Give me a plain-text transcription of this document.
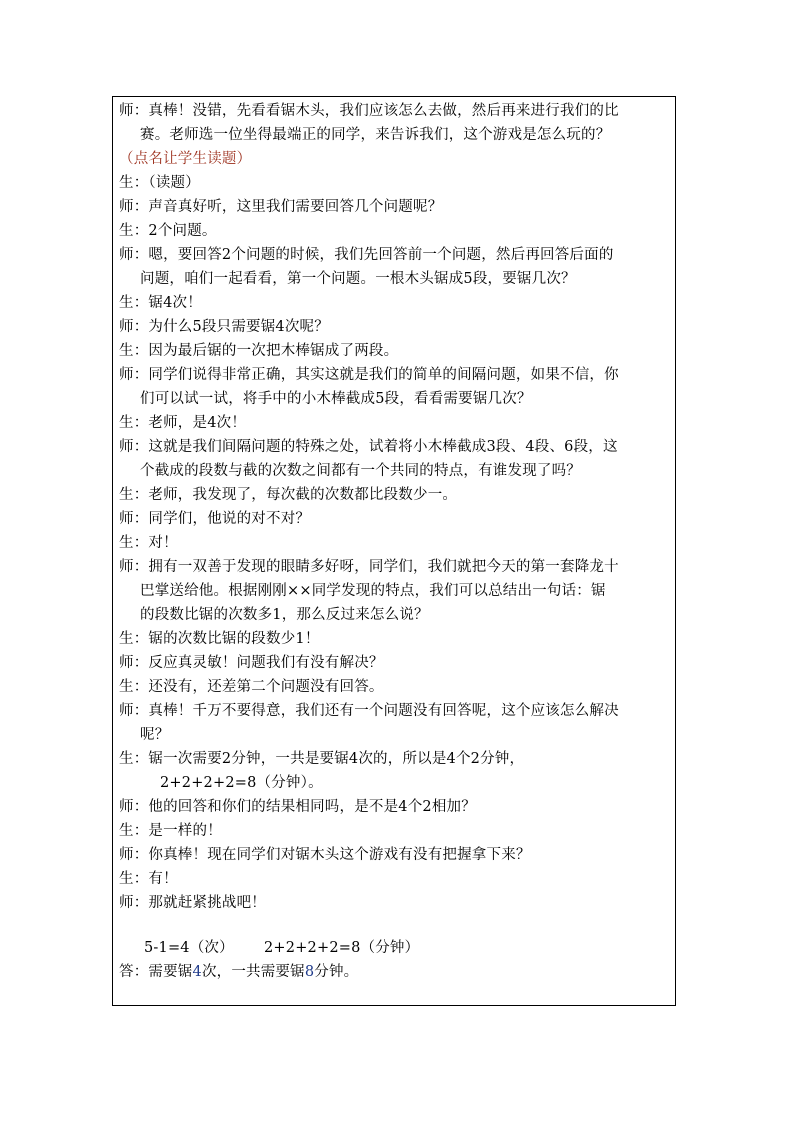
师：真棒！没错，先看看锯木头，我们应该怎么去做，然后再来进行我们的比
赛。老师选一位坐得最端正的同学，来告诉我们，这个游戏是怎么玩的？
（点名让学生读题）
生：（读题）
师：声音真好听，这里我们需要回答几个问题呢？
生：2个问题。
师：嗯，要回答2个问题的时候，我们先回答前一个问题，然后再回答后面的
问题，咱们一起看看，第一个问题。一根木头锯成5段，要锯几次？
生：锯4次！
师：为什么5段只需要锯4次呢？
生：因为最后锯的一次把木棒锯成了两段。
师：同学们说得非常正确，其实这就是我们的简单的间隔问题，如果不信，你
们可以试一试，将手中的小木棒截成5段，看看需要锯几次？
生：老师，是4次！
师：这就是我们间隔问题的特殊之处，试着将小木棒截成3段、4段、6段，这
个截成的段数与截的次数之间都有一个共同的特点，有谁发现了吗？
生：老师，我发现了，每次截的次数都比段数少一。
师：同学们，他说的对不对？
生：对！
师：拥有一双善于发现的眼睛多好呀，同学们，我们就把今天的第一套降龙十
巴掌送给他。根据刚刚××同学发现的特点，我们可以总结出一句话：锯
的段数比锯的次数多1，那么反过来怎么说？
生：锯的次数比锯的段数少1！
师：反应真灵敏！问题我们有没有解决？
生：还没有，还差第二个问题没有回答。
师：真棒！千万不要得意，我们还有一个问题没有回答呢，这个应该怎么解决
呢？
生：锯一次需要2分钟，一共是要锯4次的，所以是4个2分钟，
2+2+2+2=8（分钟）。
师：他的回答和你们的结果相同吗，是不是4个2相加？
生：是一样的！
师：你真棒！现在同学们对锯木头这个游戏有没有把握拿下来？
生：有！
师：那就赶紧挑战吧！
5-1=4（次） 2+2+2+2=8（分钟）
答：需要锯4次，一共需要锯8分钟。
